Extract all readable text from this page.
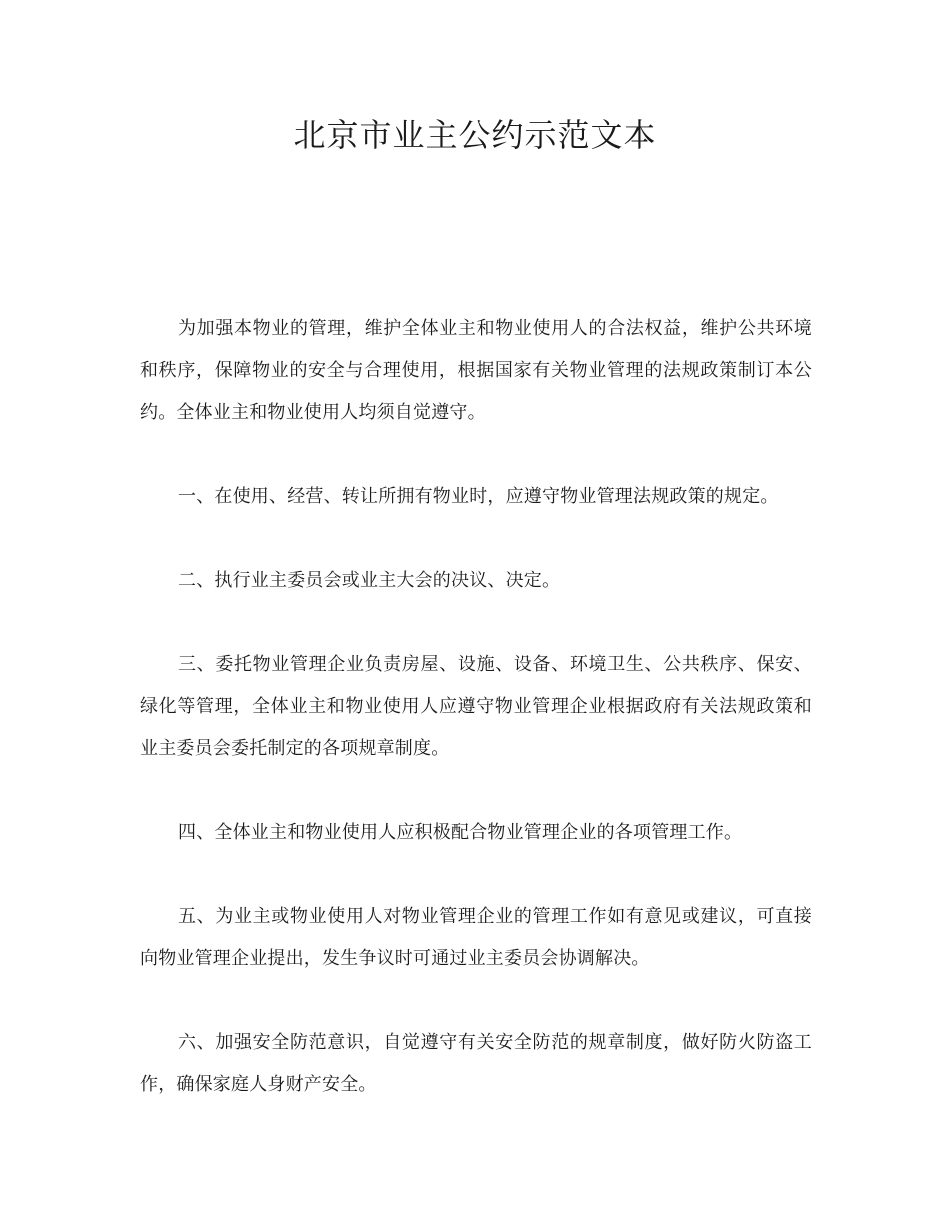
北京市业主公约示范文本

为加强本物业的管理，维护全体业主和物业使用人的合法权益，维护公共环境和秩序，保障物业的安全与合理使用，根据国家有关物业管理的法规政策制订本公约。全体业主和物业使用人均须自觉遵守。

一、在使用、经营、转让所拥有物业时，应遵守物业管理法规政策的规定。

二、执行业主委员会或业主大会的决议、决定。

三、委托物业管理企业负责房屋、设施、设备、环境卫生、公共秩序、保安、绿化等管理，全体业主和物业使用人应遵守物业管理企业根据政府有关法规政策和业主委员会委托制定的各项规章制度。

四、全体业主和物业使用人应积极配合物业管理企业的各项管理工作。

五、为业主或物业使用人对物业管理企业的管理工作如有意见或建议，可直接向物业管理企业提出，发生争议时可通过业主委员会协调解决。

六、加强安全防范意识，自觉遵守有关安全防范的规章制度，做好防火防盗工作，确保家庭人身财产安全。
